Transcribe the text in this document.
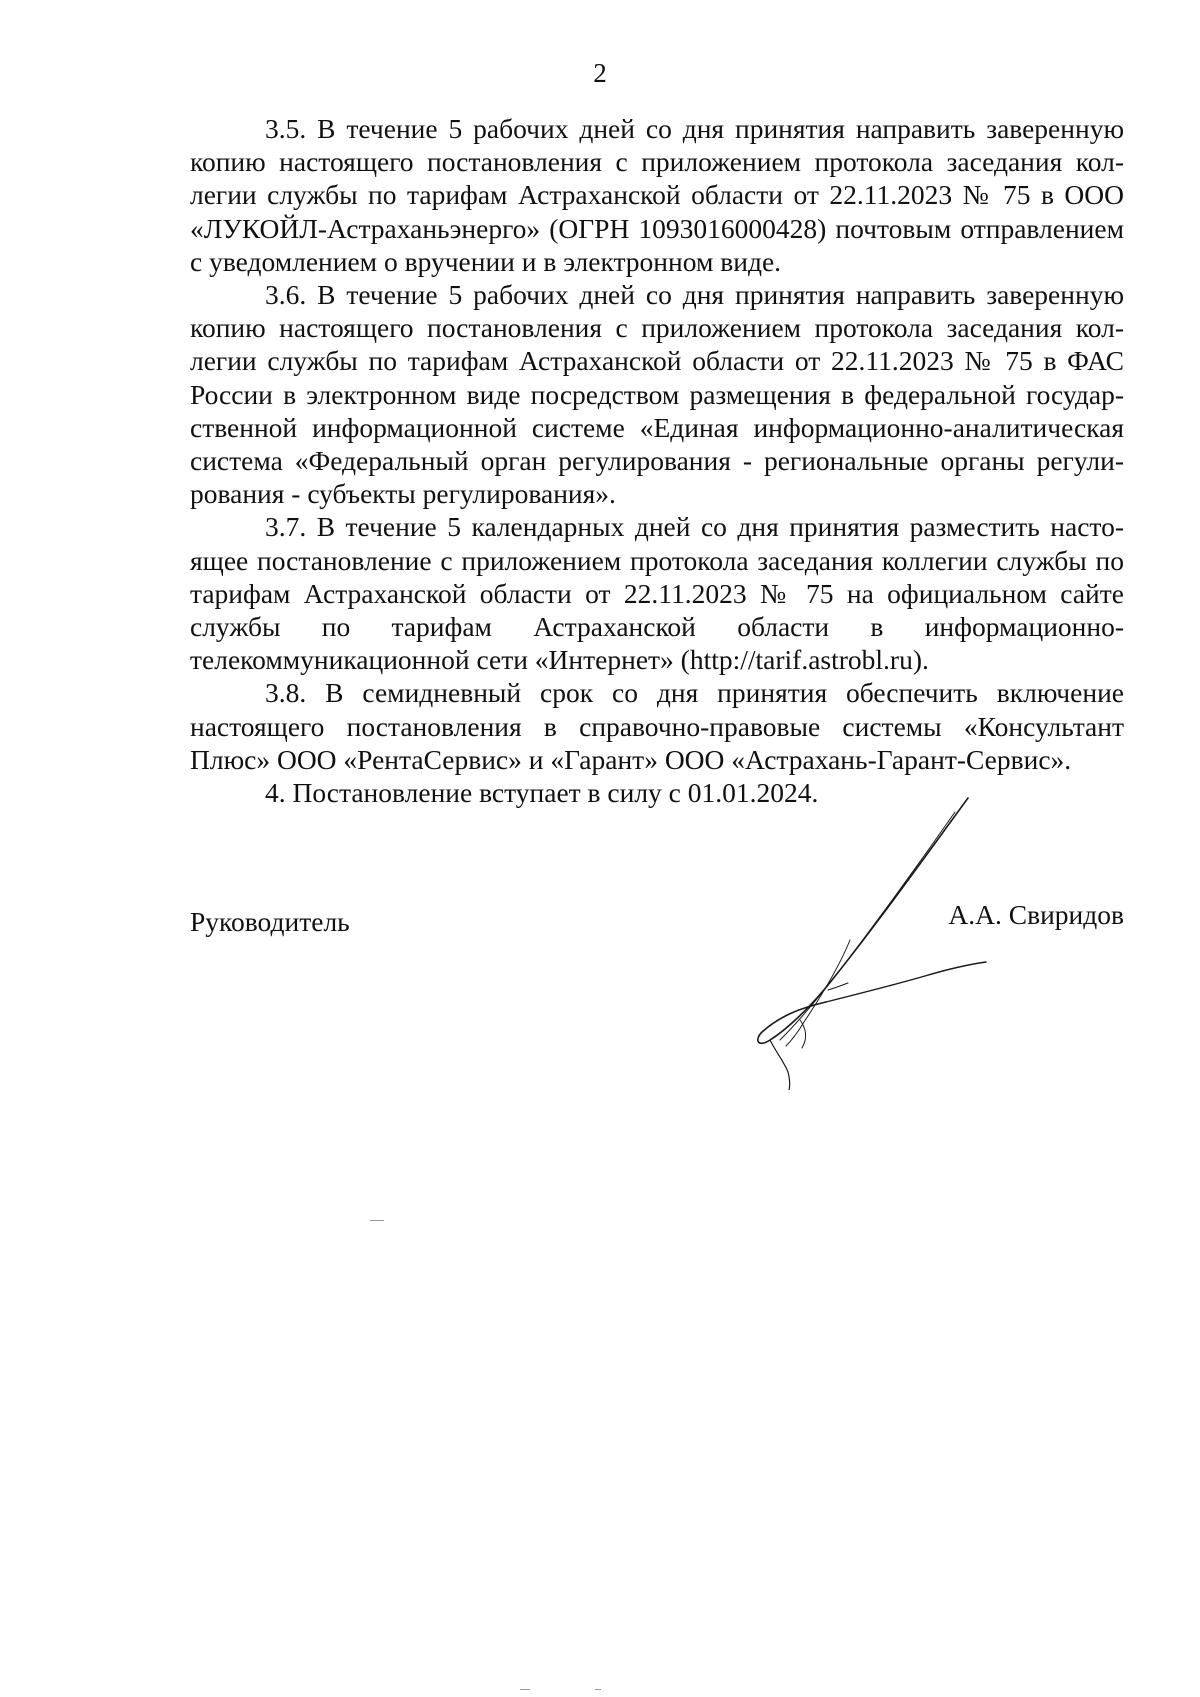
2

3.5. В течение 5 рабочих дней со дня принятия направить заверенную копию настоящего постановления с приложением протокола заседания коллегии службы по тарифам Астраханской области от 22.11.2023 № 75 в ООО «ЛУКОЙЛ-Астраханьэнерго» (ОГРН 1093016000428) почтовым отправлением с уведомлением о вручении и в электронном виде.

3.6. В течение 5 рабочих дней со дня принятия направить заверенную копию настоящего постановления с приложением протокола заседания коллегии службы по тарифам Астраханской области от 22.11.2023 № 75 в ФАС России в электронном виде посредством размещения в федеральной государственной информационной системе «Единая информационно-аналитическая система «Федеральный орган регулирования - региональные органы регулирования - субъекты регулирования».

3.7. В течение 5 календарных дней со дня принятия разместить настоящее постановление с приложением протокола заседания коллегии службы по тарифам Астраханской области от 22.11.2023 № 75 на официальном сайте службы по тарифам Астраханской области в информационно-телекоммуникационной сети «Интернет» (http://tarif.astrobl.ru).

3.8. В семидневный срок со дня принятия обеспечить включение настоящего постановления в справочно-правовые системы «Консультант Плюс» ООО «РентаСервис» и «Гарант» ООО «Астрахань-Гарант-Сервис».

4. Постановление вступает в силу с 01.01.2024.

Руководитель	А.А. Свиридов
